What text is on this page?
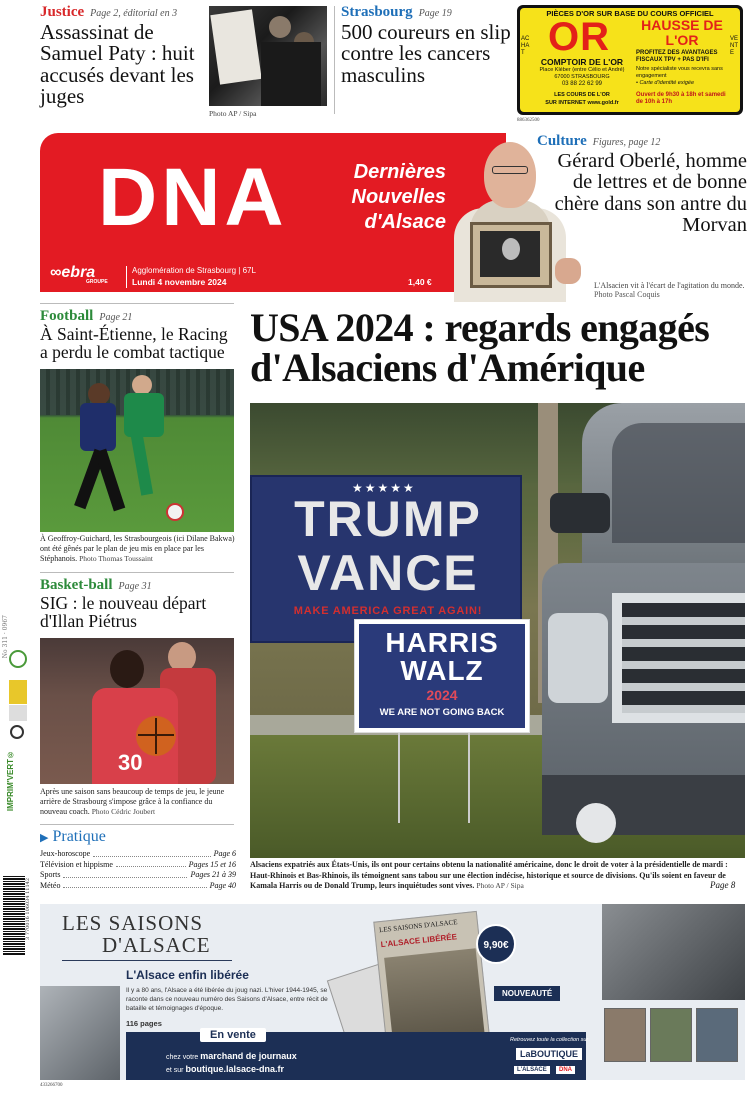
Justice Page 2, éditorial en 3
Assassinat de Samuel Paty : huit accusés devant les juges
Photo AP / Sipa
Strasbourg Page 19
500 coureurs en slip contre les cancers masculins
PIÈCES D'OR SUR BASE DU COURS OFFICIEL
ACHAT
VENTE
OR
COMPTOIR DE L'OR
Place Kléber (entre Célio et André) 67000 STRASBOURG
03 88 22 62 99
LES COURS DE L'OR
SUR INTERNET www.gold.fr
HAUSSE DE L'OR
PROFITEZ DES AVANTAGES FISCAUX TPV + PAS D'IFI
Notre spécialiste vous recevra sans engagement
• Carte d'identité exigée
Ouvert de 9h30 à 18h et samedi de 10h à 17h
886362500
DNA	Dernières
Nouvelles
d'Alsace
∞ebra
GROUPE
Agglomération de Strasbourg | 67L
Lundi 4 novembre 2024	1,40 €
Culture Figures, page 12
Gérard Oberlé, homme de lettres et de bonne chère dans son antre du Morvan
L'Alsacien vit à l'écart de l'agitation du monde. Photo Pascal Coquis
Football Page 21
À Saint-Étienne, le Racing a perdu le combat tactique
À Geoffroy-Guichard, les Strasbourgeois (ici Dilane Bakwa) ont été gênés par le plan de jeu mis en place par les Stéphanois. Photo Thomas Toussaint
Basket-ball Page 31
SIG : le nouveau départ d'Illan Piétrus
30
Après une saison sans beaucoup de temps de jeu, le jeune arrière de Strasbourg s'impose grâce à la confiance du nouveau coach. Photo Cédric Joubert
▶ Pratique
Jeux-horoscope	Page 6
Télévision et hippisme	Pages 15 et 16
Sports	Pages 21 à 39
Météo	Page 40
USA 2024 : regards engagés d'Alsaciens d'Amérique
★★★★★
TRUMP
VANCE
MAKE AMERICA GREAT AGAIN!
HARRIS
WALZ
2024
WE ARE NOT GOING BACK
Alsaciens expatriés aux États-Unis, ils ont pour certains obtenu la nationalité américaine, donc le droit de voter à la présidentielle de mardi : Haut-Rhinois et Bas-Rhinois, ils témoignent sans tabou sur une élection indécise, historique et source de divisions. Qu'ils soient en faveur de Kamala Harris ou de Donald Trump, leurs inquiétudes sont vives. Photo AP / Sipa	Page 8
No 311 · 0967
IMPRIM'VERT®
3 770016 106034 11142 LES SAISONS
D'ALSACE
L'Alsace enfin libérée
Il y a 80 ans, l'Alsace a été libérée du joug nazi. L'hiver 1944-1945, se raconte dans ce nouveau numéro des Saisons d'Alsace, entre récit de bataille et témoignages d'époque.
116 pages
LES SAISONS D'ALSACE
L'ALSACE LIBÉRÉE	9,90€
NOUVEAUTÉ
En vente
chez votre marchand de journaux
et sur boutique.lalsace-dna.fr
Retrouvez toute la collection sur
LaBOUTIQUE
L'ALSACE	DNA
433266700
